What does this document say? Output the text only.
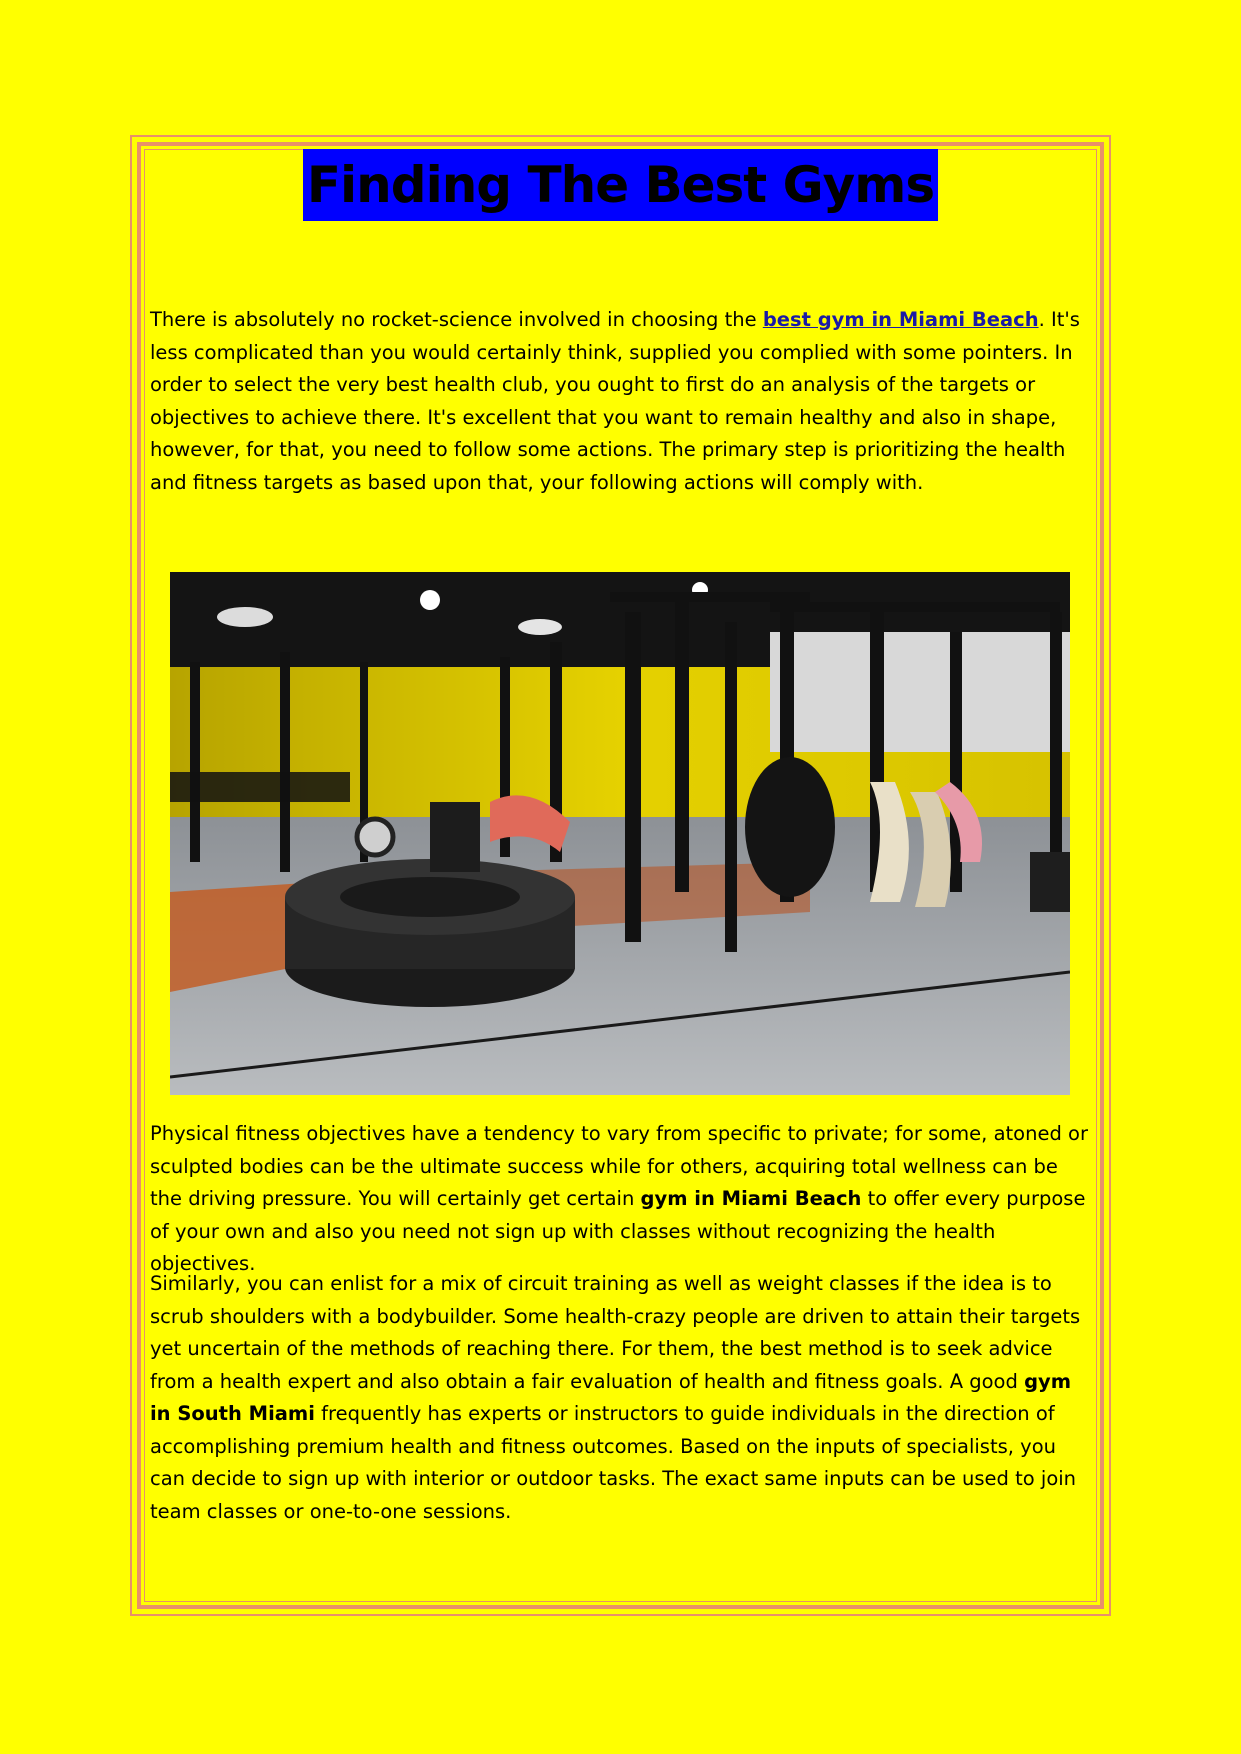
Finding The Best Gyms

There is absolutely no rocket-science involved in choosing the best gym in Miami Beach. It's less complicated than you would certainly think, supplied you complied with some pointers. In order to select the very best health club, you ought to first do an analysis of the targets or objectives to achieve there. It's excellent that you want to remain healthy and also in shape, however, for that, you need to follow some actions. The primary step is prioritizing the health and fitness targets as based upon that, your following actions will comply with.

Physical fitness objectives have a tendency to vary from specific to private; for some, atoned or sculpted bodies can be the ultimate success while for others, acquiring total wellness can be the driving pressure. You will certainly get certain gym in Miami Beach to offer every purpose of your own and also you need not sign up with classes without recognizing the health objectives.

Similarly, you can enlist for a mix of circuit training as well as weight classes if the idea is to scrub shoulders with a bodybuilder. Some health-crazy people are driven to attain their targets yet uncertain of the methods of reaching there. For them, the best method is to seek advice from a health expert and also obtain a fair evaluation of health and fitness goals. A good gym in South Miami frequently has experts or instructors to guide individuals in the direction of accomplishing premium health and fitness outcomes. Based on the inputs of specialists, you can decide to sign up with interior or outdoor tasks. The exact same inputs can be used to join team classes or one-to-one sessions.
